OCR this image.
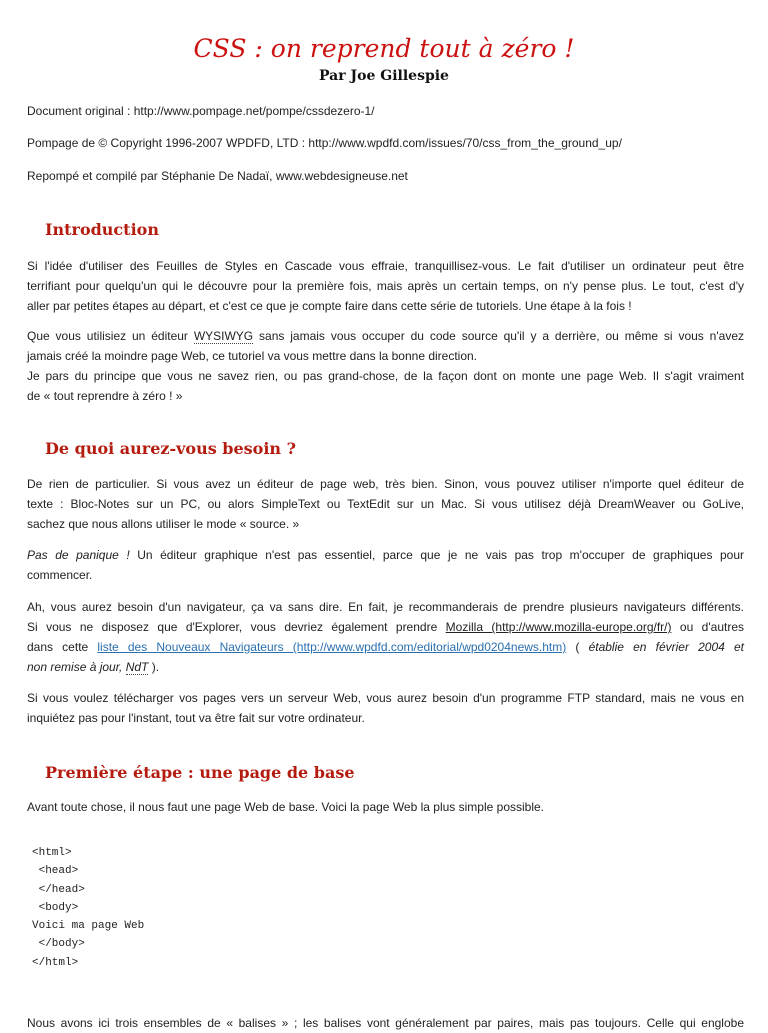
CSS : on reprend tout à zéro !
Par Joe Gillespie
Document original : http://www.pompage.net/pompe/cssdezero-1/
Pompage de © Copyright 1996-2007 WPDFD, LTD : http://www.wpdfd.com/issues/70/css_from_the_ground_up/
Repompé et compilé par Stéphanie De Nadaï, www.webdesigneuse.net
Introduction
Si l'idée d'utiliser des Feuilles de Styles en Cascade vous effraie, tranquillisez-vous. Le fait d'utiliser un ordinateur peut être
terrifiant pour quelqu'un qui le découvre pour la première fois, mais après un certain temps, on n'y pense plus. Le tout, c'est d'y
aller par petites étapes au départ, et c'est ce que je compte faire dans cette série de tutoriels. Une étape à la fois !
Que vous utilisiez un éditeur WYSIWYG sans jamais vous occuper du code source qu'il y a derrière, ou même si vous n'avez
jamais créé la moindre page Web, ce tutoriel va vous mettre dans la bonne direction.
Je pars du principe que vous ne savez rien, ou pas grand-chose, de la façon dont on monte une page Web. Il s'agit vraiment
de « tout reprendre à zéro ! »
De quoi aurez-vous besoin ?
De rien de particulier. Si vous avez un éditeur de page web, très bien. Sinon, vous pouvez utiliser n'importe quel éditeur de
texte : Bloc-Notes sur un PC, ou alors SimpleText ou TextEdit sur un Mac. Si vous utilisez déjà DreamWeaver ou GoLive,
sachez que nous allons utiliser le mode « source. »
Pas de panique ! Un éditeur graphique n'est pas essentiel, parce que je ne vais pas trop m'occuper de graphiques pour
commencer.
Ah, vous aurez besoin d'un navigateur, ça va sans dire. En fait, je recommanderais de prendre plusieurs navigateurs différents.
Si vous ne disposez que d'Explorer, vous devriez également prendre Mozilla (http://www.mozilla-europe.org/fr/) ou d'autres
dans cette liste des Nouveaux Navigateurs (http://www.wpdfd.com/editorial/wpd0204news.htm) ( établie en février 2004 et
non remise à jour, NdT ).
Si vous voulez télécharger vos pages vers un serveur Web, vous aurez besoin d'un programme FTP standard, mais ne vous en
inquiétez pas pour l'instant, tout va être fait sur votre ordinateur.
Première étape : une page de base
Avant toute chose, il nous faut une page Web de base. Voici la page Web la plus simple possible.
<html>
<head>
</head>
<body>
Voici ma page Web
</body>
</html>
Nous avons ici trois ensembles de « balises » ; les balises vont généralement par paires, mais pas toujours. Celle qui englobe
